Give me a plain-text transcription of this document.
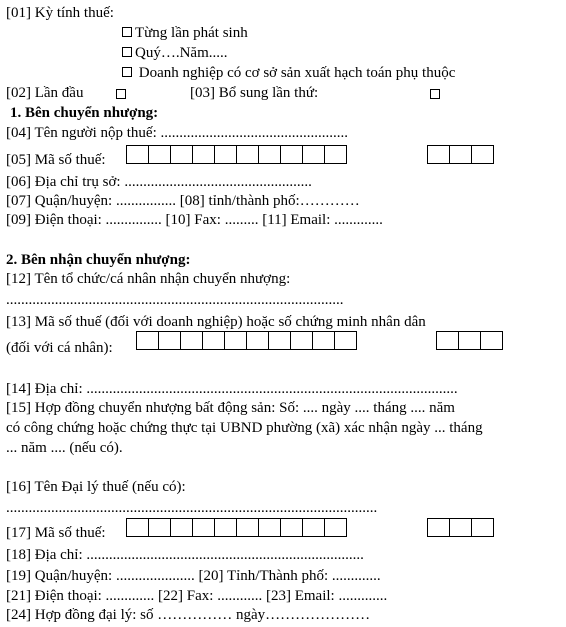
[01] Kỳ tính thuế:
Từng lần phát sinh
Quý….Năm.....
Doanh nghiệp có cơ sở sản xuất hạch toán phụ thuộc
[02] Lần đầu	[03] Bổ sung lần thứ:
1. Bên chuyển nhượng:
[04] Tên người nộp thuế: ..................................................
[05] Mã số thuế:
[06] Địa chỉ trụ sở: ..................................................
[07] Quận/huyện: ................ [08] tỉnh/thành phố:…………
[09] Điện thoại: ............... [10] Fax: ......... [11] Email: .............
2. Bên nhận chuyển nhượng:
[12] Tên tổ chức/cá nhân nhận chuyển nhượng:
..........................................................................................
[13] Mã số thuế (đối với doanh nghiệp) hoặc số chứng minh nhân dân
(đối với cá nhân):
[14] Địa chỉ: ...................................................................................................
[15] Hợp đồng chuyển nhượng bất động sản: Số: .... ngày .... tháng .... năm
có công chứng hoặc chứng thực tại UBND phường (xã) xác nhận ngày ... tháng
... năm .... (nếu có).
[16] Tên Đại lý thuế (nếu có):
...................................................................................................
[17] Mã số thuế:
[18] Địa chỉ: ..........................................................................
[19] Quận/huyện: ..................... [20] Tỉnh/Thành phố: .............
[21] Điện thoại: ............. [22] Fax: ............ [23] Email: .............
[24] Hợp đồng đại lý: số …………… ngày…………………
